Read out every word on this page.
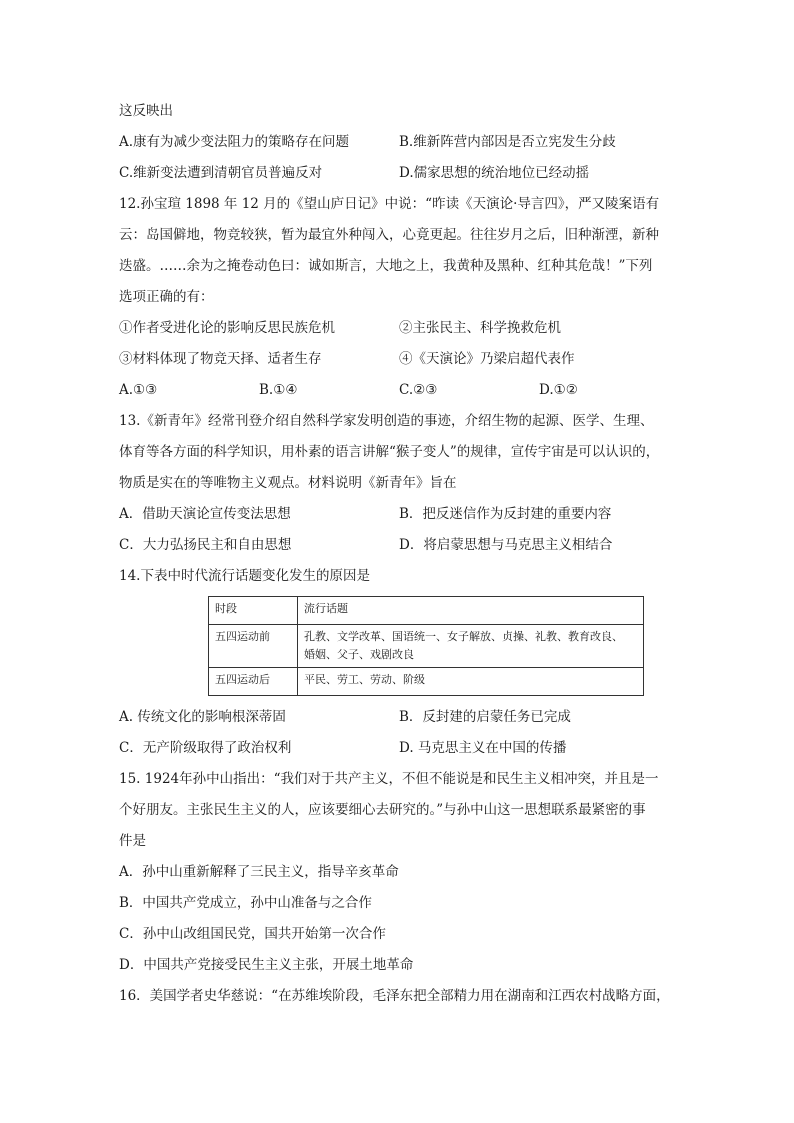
这反映出
A.康有为减少变法阻力的策略存在问题	B.维新阵营内部因是否立宪发生分歧
C.维新变法遭到清朝官员普遍反对	D.儒家思想的统治地位已经动摇
12.孙宝瑄 1898 年 12 月的《望山庐日记》中说：“昨读《天演论·导言四》，严又陵案语有
云：岛国僻地，物竞较狭，暂为最宜外种闯入，心竟更起。往往岁月之后，旧种渐湮，新种
迭盛。……余为之掩卷动色曰：诚如斯言，大地之上，我黄种及黑种、红种其危哉！”下列
选项正确的有：
①作者受进化论的影响反思民族危机	②主张民主、科学挽救危机
③材料体现了物竞天择、适者生存	④《天演论》乃梁启超代表作
A.①③	B.①④	C.②③	D.①②
13.《新青年》经常刊登介绍自然科学家发明创造的事迹，介绍生物的起源、医学、生理、
体育等各方面的科学知识，用朴素的语言讲解“猴子变人”的规律，宣传宇宙是可以认识的，
物质是实在的等唯物主义观点。材料说明《新青年》旨在
A．借助天演论宣传变法思想	B．把反迷信作为反封建的重要内容
C．大力弘扬民主和自由思想	D．将启蒙思想与马克思主义相结合
14.下表中时代流行话题变化发生的原因是
时段	流行话题
五四运动前	孔教、文学改革、国语统一、女子解放、贞操、礼教、教育改良、
婚姻、父子、戏剧改良

五四运动后	平民、劳工、劳动、阶级
A. 传统文化的影响根深蒂固	B．反封建的启蒙任务已完成
C．无产阶级取得了政治权利	D. 马克思主义在中国的传播
15. 1924年孙中山指出：“我们对于共产主义，不但不能说是和民生主义相冲突，并且是一
个好朋友。主张民生主义的人，应该要细心去研究的。”与孙中山这一思想联系最紧密的事
件是
A．孙中山重新解释了三民主义，指导辛亥革命
B．中国共产党成立，孙中山准备与之合作
C．孙中山改组国民党，国共开始第一次合作
D．中国共产党接受民生主义主张，开展土地革命
16．美国学者史华慈说：“在苏维埃阶段，毛泽东把全部精力用在湖南和江西农村战略方面，
